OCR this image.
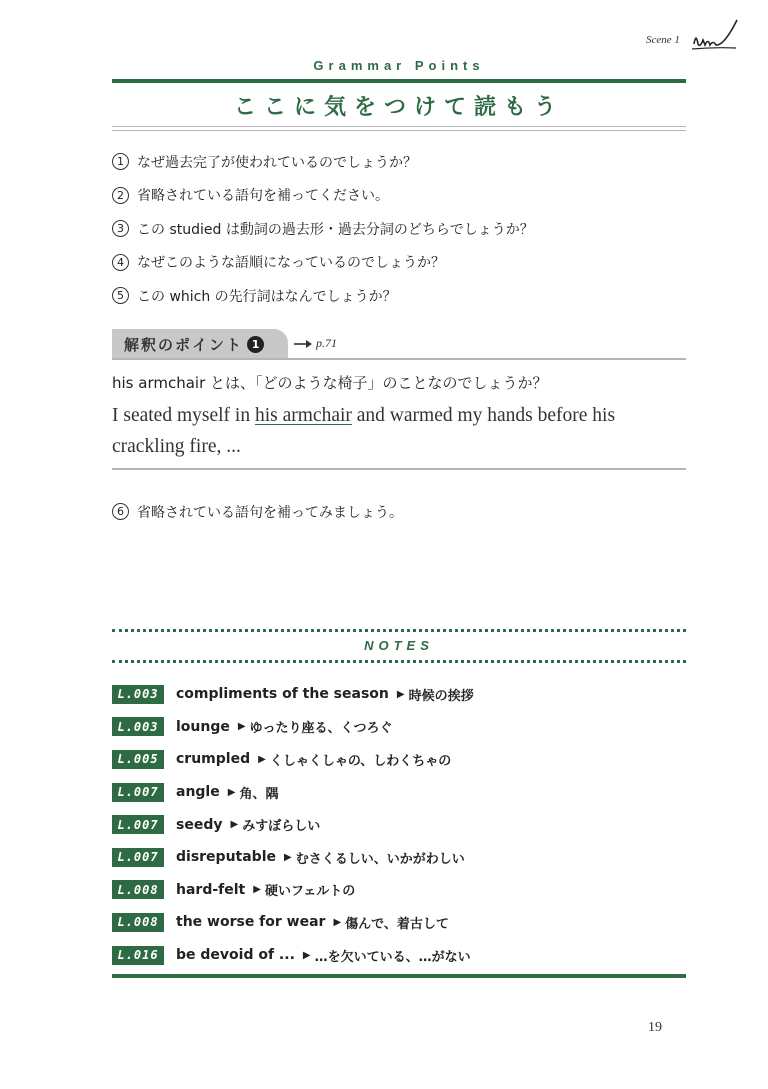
Scene 1
Grammar Points
ここに気をつけて読もう
1 なぜ過去完了が使われているのでしょうか？
2 省略されている語句を補ってください。
3 この studied は動詞の過去形・過去分詞のどちらでしょうか？
4 なぜこのような語順になっているのでしょうか？
5 この which の先行詞はなんでしょうか？
解釈のポイント 1	p.71
his armchair とは、「どのような椅子」のことなのでしょうか？
I seated myself in his armchair and warmed my hands before his crackling fire, ...
6 省略されている語句を補ってみましょう。
NOTES
L.003	compliments of the season ▶ 時候の挨拶
L.003	lounge ▶ ゆったり座る、くつろぐ
L.005	crumpled ▶ くしゃくしゃの、しわくちゃの
L.007	angle ▶ 角、隅
L.007	seedy ▶ みすぼらしい
L.007	disreputable ▶ むさくるしい、いかがわしい
L.008	hard-felt ▶ 硬いフェルトの
L.008	the worse for wear ▶ 傷んで、着古して
L.016	be devoid of ... ▶ …を欠いている、…がない
19
